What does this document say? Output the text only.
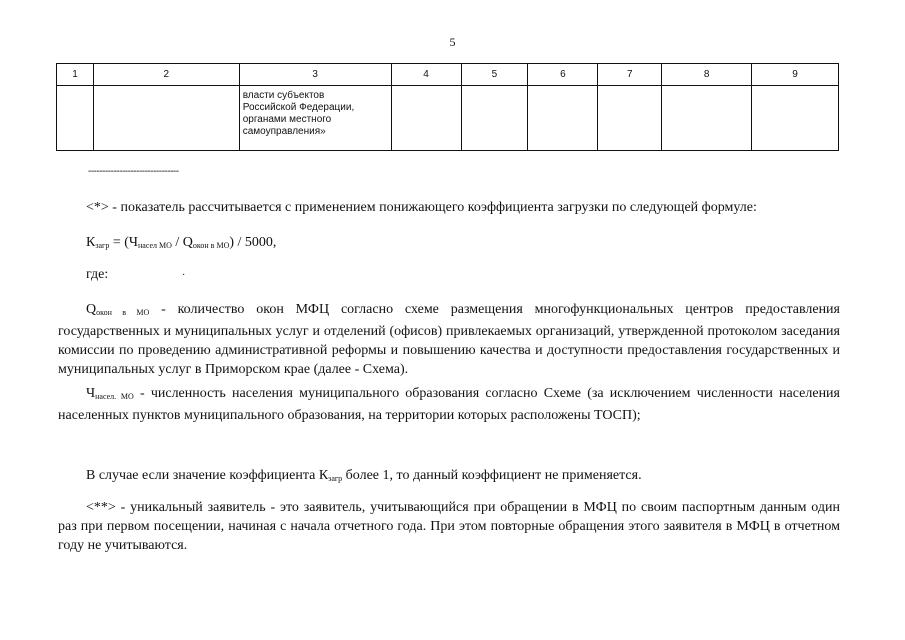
5
1	2	3	4	5	6	7	8	9

		власти субъектов
Российской Федерации,
органами местного
самоуправления»						

--------------------------------
<*> - показатель рассчитывается с применением понижающего коэффициента загрузки по следующей формуле:
$К_{загр} = (Ч_{насел МО} / Q_{окон в МО}) / 5000$,
где:	·
$Q_{окон в МО}$ - количество окон МФЦ согласно схеме размещения многофункциональных центров предоставления государственных и муниципальных услуг и отделений (офисов) привлекаемых организаций, утвержденной протоколом заседания комиссии по проведению административной реформы и повышению качества и доступности предоставления государственных и муниципальных услуг в Приморском крае (далее - Схема).
$Ч_{насел. МО}$ - численность населения муниципального образования согласно Схеме (за исключением численности населения населенных пунктов муниципального образования, на территории которых расположены ТОСП);
В случае если значение коэффициента $К_{загр}$ более 1, то данный коэффициент не применяется.
<**> - уникальный заявитель - это заявитель, учитывающийся при обращении в МФЦ по своим паспортным данным один раз при первом посещении, начиная с начала отчетного года. При этом повторные обращения этого заявителя в МФЦ в отчетном году не учитываются.
